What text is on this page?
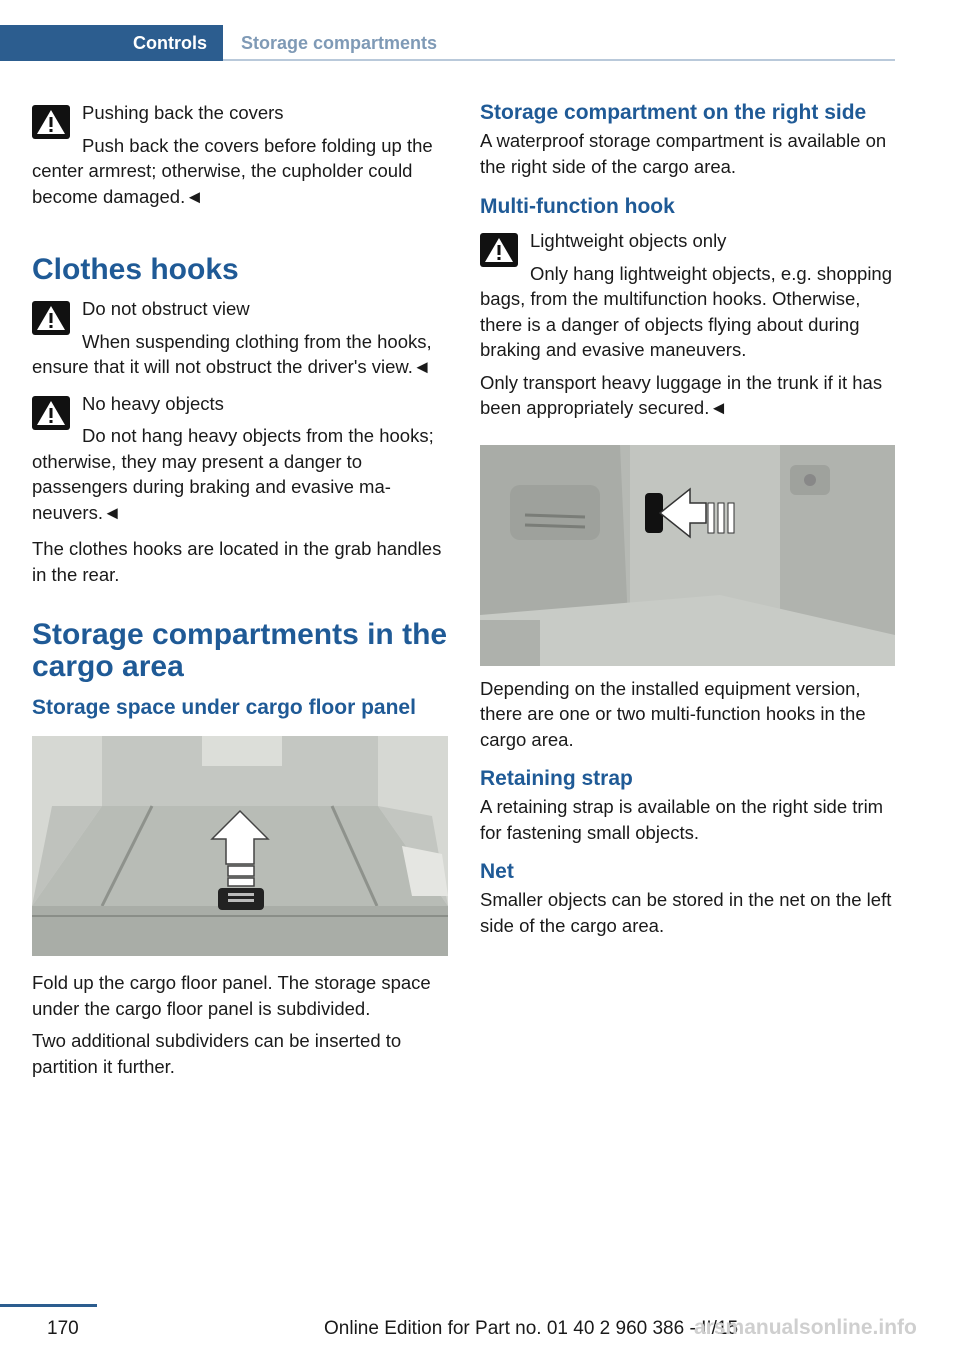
Controls	Storage compartments

Pushing back the covers

Push back the covers before folding up the center armrest; otherwise, the cupholder could become damaged.◄

Clothes hooks

Do not obstruct view

When suspending clothing from the hooks, ensure that it will not obstruct the driver's view.◄

No heavy objects

Do not hang heavy objects from the hooks; otherwise, they may present a danger to passengers during braking and evasive maneuvers.◄

The clothes hooks are located in the grab handles in the rear.

Storage compartments in the cargo area
Storage space under cargo floor panel

Fold up the cargo floor panel. The storage space under the cargo floor panel is subdivided.

Two additional subdividers can be inserted to partition it further.

Storage compartment on the right side

A waterproof storage compartment is available on the right side of the cargo area.

Multi-function hook

Lightweight objects only

Only hang lightweight objects, e.g. shopping bags, from the multifunction hooks. Otherwise, there is a danger of objects flying about during braking and evasive maneuvers.

Only transport heavy luggage in the trunk if it has been appropriately secured.◄

Depending on the installed equipment version, there are one or two multi-function hooks in the cargo area.

Retaining strap

A retaining strap is available on the right side trim for fastening small objects.

Net

Smaller objects can be stored in the net on the left side of the cargo area.

170	Online Edition for Part no. 01 40 2 960 386 - II/15
arsmanualsonline.info
